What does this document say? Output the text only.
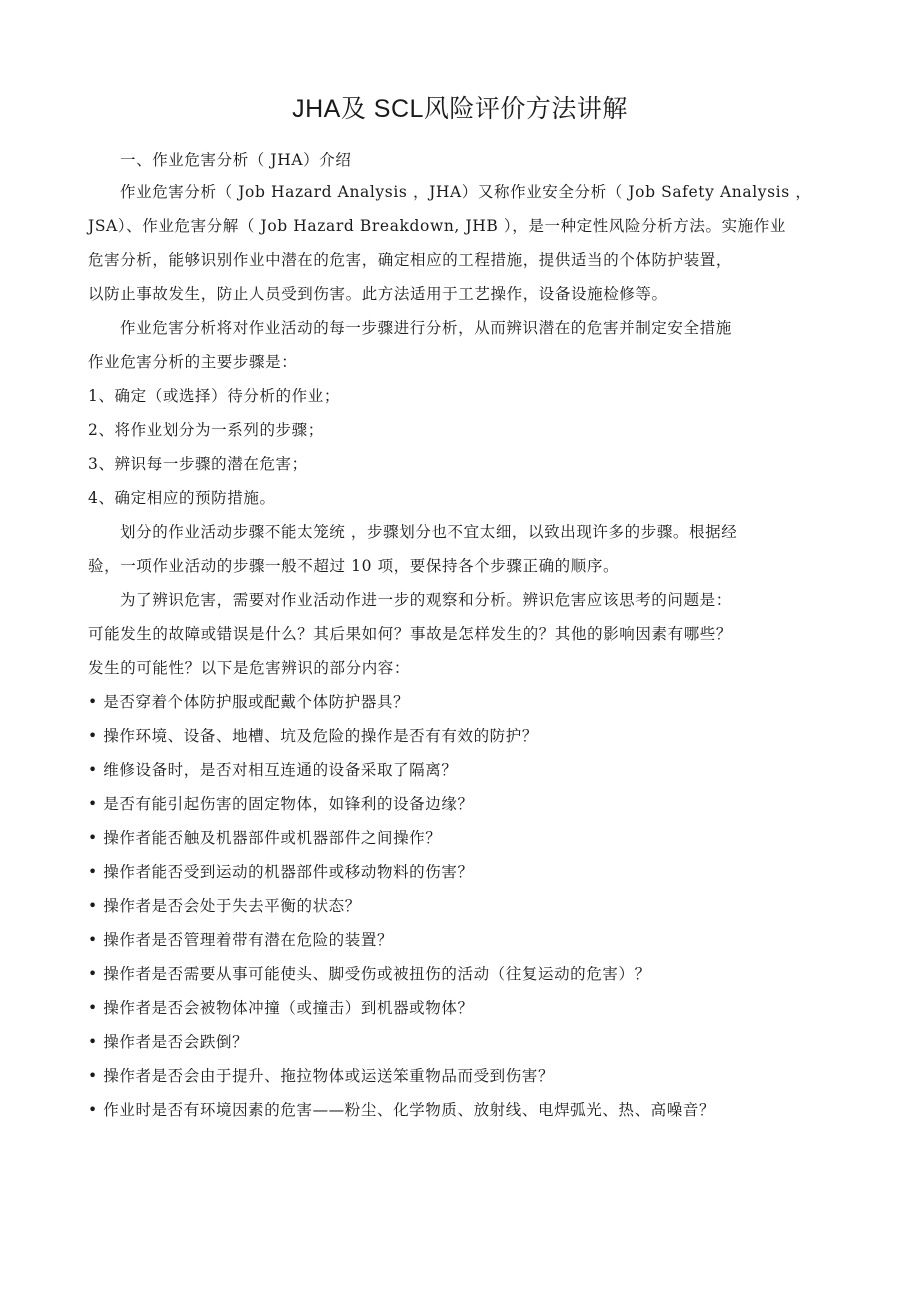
JHA及 SCL风险评价方法讲解
一、作业危害分析（ JHA）介绍
作业危害分析（ Job Hazard Analysis ，JHA）又称作业安全分析（ Job Safety Analysis ，
JSA）、作业危害分解（ Job Hazard Breakdown, JHB ），是一种定性风险分析方法。实施作业
危害分析，能够识别作业中潜在的危害，确定相应的工程措施，提供适当的个体防护装置，
以防止事故发生，防止人员受到伤害。此方法适用于工艺操作，设备设施检修等。
作业危害分析将对作业活动的每一步骤进行分析，从而辨识潜在的危害并制定安全措施
作业危害分析的主要步骤是：
1、确定（或选择）待分析的作业；
2、将作业划分为一系列的步骤；
3、辨识每一步骤的潜在危害；
4、确定相应的预防措施。
划分的作业活动步骤不能太笼统 ，步骤划分也不宜太细，以致出现许多的步骤。根据经
验，一项作业活动的步骤一般不超过 10 项，要保持各个步骤正确的顺序。
为了辨识危害，需要对作业活动作进一步的观察和分析。辨识危害应该思考的问题是：
可能发生的故障或错误是什么？其后果如何？事故是怎样发生的？其他的影响因素有哪些？
发生的可能性？以下是危害辨识的部分内容：
• 是否穿着个体防护服或配戴个体防护器具？
• 操作环境、设备、地槽、坑及危险的操作是否有有效的防护？
• 维修设备时，是否对相互连通的设备采取了隔离？
• 是否有能引起伤害的固定物体，如锋利的设备边缘？
• 操作者能否触及机器部件或机器部件之间操作？
• 操作者能否受到运动的机器部件或移动物料的伤害？
• 操作者是否会处于失去平衡的状态？
• 操作者是否管理着带有潜在危险的装置？
• 操作者是否需要从事可能使头、脚受伤或被扭伤的活动（往复运动的危害）？
• 操作者是否会被物体冲撞（或撞击）到机器或物体？
• 操作者是否会跌倒？
• 操作者是否会由于提升、拖拉物体或运送笨重物品而受到伤害？
• 作业时是否有环境因素的危害——粉尘、化学物质、放射线、电焊弧光、热、高噪音？
